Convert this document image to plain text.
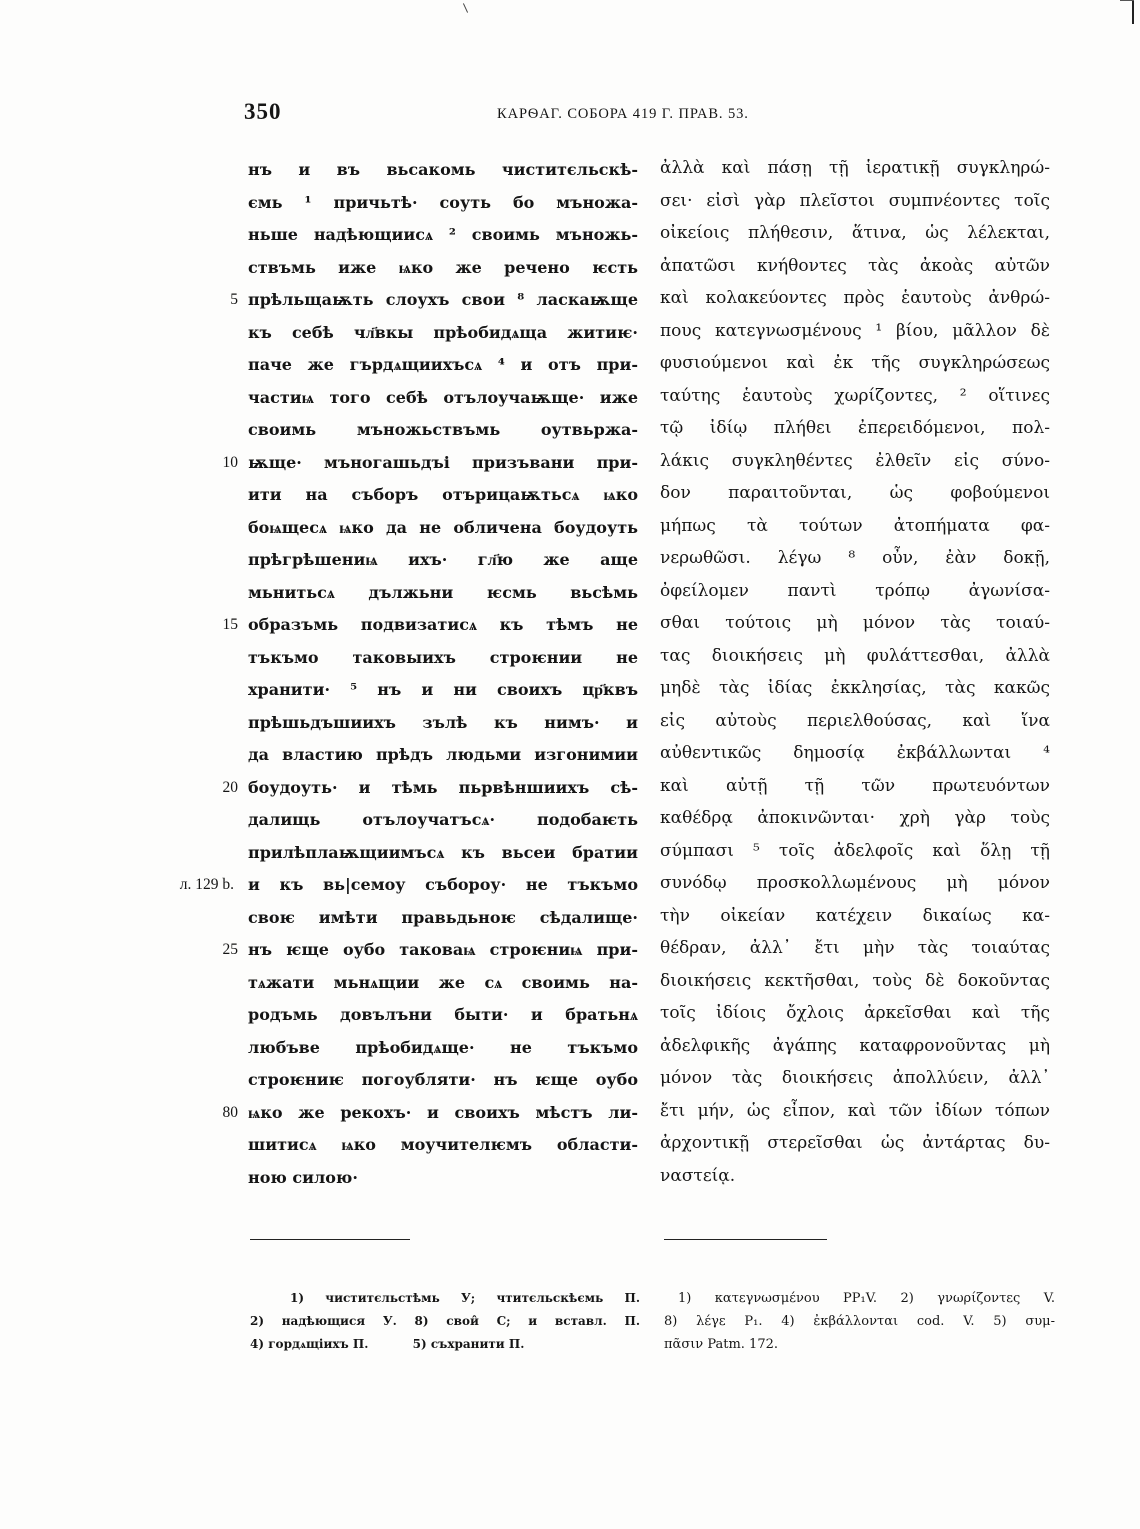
350	КАРѲАГ. СОБОРА 419 Г. ПРАВ. 53.
нъ и въ вьсакомь чиститєльскѣ-
ємь ¹ причьтѣ· соуть бо мъножа-
ньше надѣющиисѧ ² своимь мъножь-
ствъмь иже ѩко же речено ѥсть
прѣльщаѭть слоухъ свои ⁸ ласкаѭще
5
къ себѣ чл҃вкы прѣобидѧща житиѥ·
паче же гърдѧщиихъсѧ ⁴ и отъ при-
частиѩ того себѣ отълоучаѭще· иже
своимь мъножьствъмь оутвьржа-
ѭще· мъногашьдъі призъвани при-
10
ити на съборъ отърицаѭтьсѧ ѩко
боѩщесѧ ѩко да не обличена боудоуть
прѣгрѣшениѩ ихъ· гл҃ю же аще
мьнитьсѧ дължьни ѥсмь вьсѣмь
образъмь подвизатисѧ къ тѣмъ не
15
тъкъмо таковыихъ строѥнии не
хранити· ⁵ нъ и ни своихъ цр҃квъ
прѣшьдъшиихъ зълѣ къ нимъ· и
да властию прѣдъ людьми изгонимии
боудоуть· и тѣмь пьрвѣншиихъ сѣ-
20
далищь отълоучатъсѧ· подобаѥть
прилѣплаѭщиимъсѧ къ вьсеи братии
и къ вь|семоу съборoу· не тъкъмо
л. 129 b.
своѥ имѣти правьдьноѥ сѣдалище·
нъ ѥще оубо таковаѩ строѥниѩ при-
25
тѧжати мьнѧщии же сѧ своимь на-
родъмь довълъни быти· и братьнѧ
любъве прѣобидѧще· не тъкъмо
строѥниѥ погоубляти· нъ ѥще оубо
ѩко же рекохъ· и своихъ мѣстъ ли-
80
шитисѧ ѩко моучителѥмъ области-
ною силою·
ἀλλὰ καὶ πάσῃ τῇ ἱερατικῇ συγκληρώ-
σει· εἰσὶ γὰρ πλεῖστοι συμπνέοντες τοῖς
οἰκείοις πλήθεσιν, ἅτινα, ὡς λέλεκται,
ἀπατῶσι κνήθοντες τὰς ἀκοὰς αὐτῶν
καὶ κολακεύοντες πρὸς ἑαυτοὺς ἀνθρώ-
πους κατεγνωσμένους ¹ βίου, μᾶλλον δὲ
φυσιούμενοι καὶ ἐκ τῆς συγκληρώσεως
ταύτης ἑαυτοὺς χωρίζοντες, ² οἵτινες
τῷ ἰδίῳ πλήθει ἐπερειδόμενοι, πολ-
λάκις συγκληθέντες ἐλθεῖν εἰς σύνο-
δον παραιτοῦνται, ὡς φοβούμενοι
μήπως τὰ τούτων ἀτοπήματα φα-
νερωθῶσι. λέγω ⁸ οὖν, ἐὰν δοκῇ,
ὀφείλομεν παντὶ τρόπῳ ἀγωνίσα-
σθαι τούτοις μὴ μόνον τὰς τοιαύ-
τας διοικήσεις μὴ φυλάττεσθαι, ἀλλὰ
μηδὲ τὰς ἰδίας ἐκκλησίας, τὰς κακῶς
εἰς αὐτοὺς περιελθούσας, καὶ ἵνα
αὐθεντικῶς δημοσίᾳ ἐκβάλλωνται ⁴
καὶ αὐτῇ τῇ τῶν πρωτευόντων
καθέδρᾳ ἀποκινῶνται· χρὴ γὰρ τοὺς
σύμπασι ⁵ τοῖς ἀδελφοῖς καὶ ὅλῃ τῇ
συνόδῳ προσκολλωμένους μὴ μόνον
τὴν οἰκείαν κατέχειν δικαίως κα-
θέδραν, ἀλλ᾽ ἔτι μὴν τὰς τοιαύτας
διοικήσεις κεκτῆσθαι, τοὺς δὲ δοκοῦντας
τοῖς ἰδίοις ὄχλοις ἀρκεῖσθαι καὶ τῆς
ἀδελφικῆς ἀγάπης καταφρονοῦντας μὴ
μόνον τὰς διοικήσεις ἀπολλύειν, ἀλλ᾽
ἔτι μήν, ὡς εἶπον, καὶ τῶν ἰδίων τόπων
ἀρχοντικῇ στερεῖσθαι ὡς ἀντάρτας δυ-
ναστείᾳ.
1) чиститєльстѣмь У; чтитєльскѣємь П.
2) надѣющися У. 8) свои̂ С; и вставл. П.
4) гордѧщiихъ П.	5) съхранити П.
1) κατεγνωσμένου PP₁V. 2) γνωρίζοντες V.
8) λέγε P₁. 4) ἐκβάλλονται cod. V. 5) συμ-
πᾶσιν Patm. 172.
